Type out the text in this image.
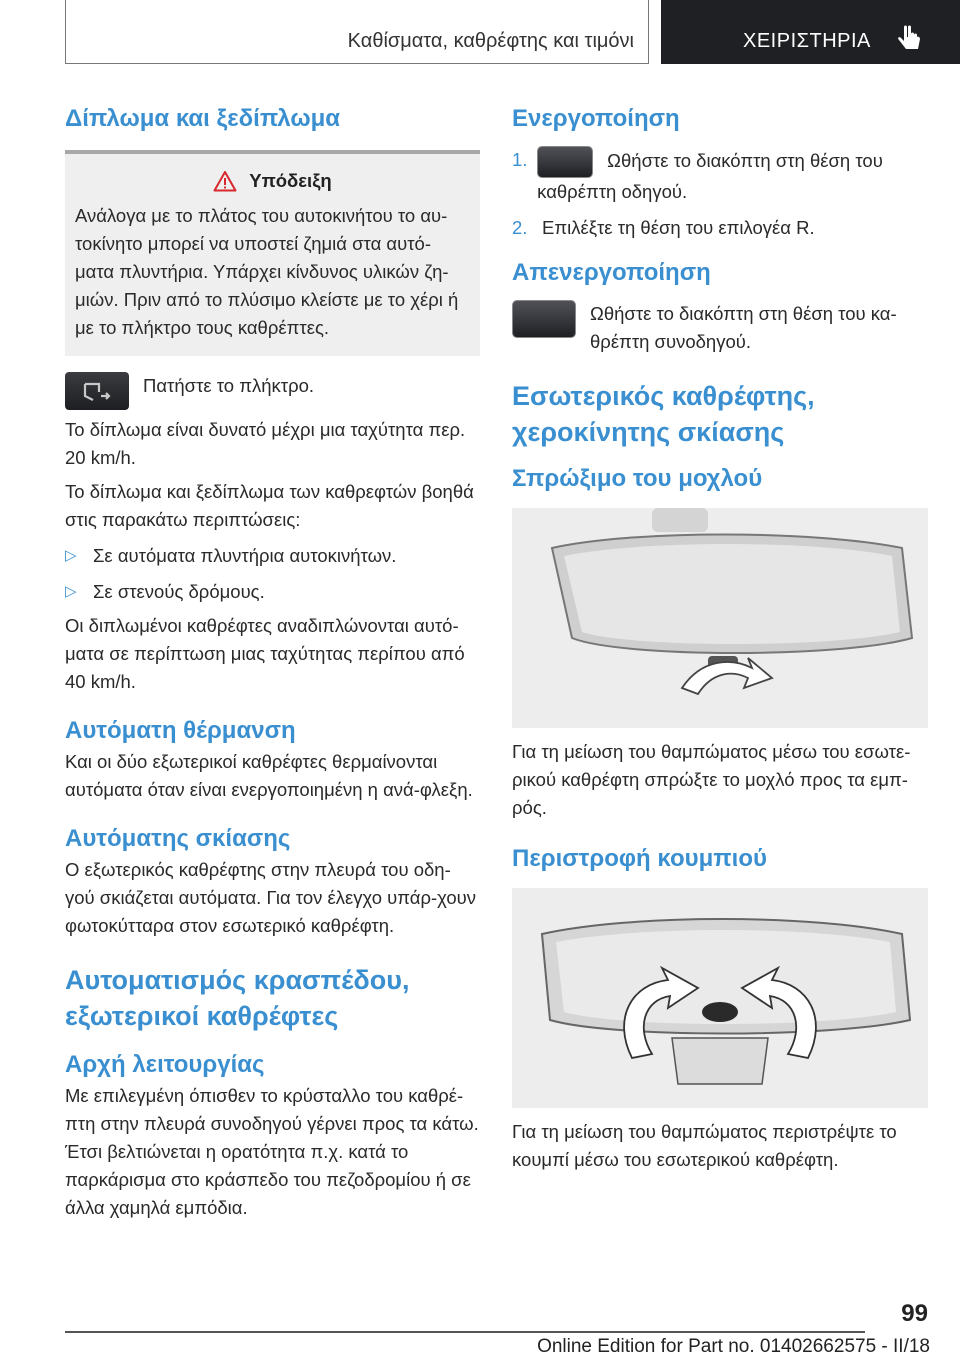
Καθίσματα, καθρέφτης και τιμόνι	ΧΕΙΡΙΣΤΗΡΙΑ
Δίπλωμα και ξεδίπλωμα
Υπόδειξη
Ανάλογα με το πλάτος του αυτοκινήτου το αυ-τοκίνητο μπορεί να υποστεί ζημιά στα αυτό-ματα πλυντήρια. Υπάρχει κίνδυνος υλικών ζη-μιών. Πριν από το πλύσιμο κλείστε με το χέρι ή με το πλήκτρο τους καθρέπτες.
Πατήστε το πλήκτρο.
Το δίπλωμα είναι δυνατό μέχρι μια ταχύτητα περ. 20 km/h.
Το δίπλωμα και ξεδίπλωμα των καθρεφτών βοηθά στις παρακάτω περιπτώσεις:
▷ Σε αυτόματα πλυντήρια αυτοκινήτων.
▷ Σε στενούς δρόμους.
Οι διπλωμένοι καθρέφτες αναδιπλώνονται αυτό-ματα σε περίπτωση μιας ταχύτητας περίπου από 40 km/h.
Αυτόματη θέρμανση
Και οι δύο εξωτερικοί καθρέφτες θερμαίνονται αυτόματα όταν είναι ενεργοποιημένη η ανά-φλεξη.
Αυτόματης σκίασης
Ο εξωτερικός καθρέφτης στην πλευρά του οδη-γού σκιάζεται αυτόματα. Για τον έλεγχο υπάρ-χουν φωτοκύτταρα στον εσωτερικό καθρέφτη.
Αυτοματισμός κρασπέδου, εξωτερικοί καθρέφτες
Αρχή λειτουργίας
Με επιλεγμένη όπισθεν το κρύσταλλο του καθρέ-πτη στην πλευρά συνοδηγού γέρνει προς τα κάτω. Έτσι βελτιώνεται η ορατότητα π.χ. κατά το παρκάρισμα στο κράσπεδο του πεζοδρομίου ή σε άλλα χαμηλά εμπόδια.
Ενεργοποίηση
1.	Ωθήστε το διακόπτη στη θέση του καθρέπτη οδηγού.
2. Επιλέξτε τη θέση του επιλογέα R.
Απενεργοποίηση
Ωθήστε το διακόπτη στη θέση του κα-θρέπτη συνοδηγού.
Εσωτερικός καθρέφτης, χεροκίνητης σκίασης
Σπρώξιμο του μοχλού
Για τη μείωση του θαμπώματος μέσω του εσωτε-ρικού καθρέφτη σπρώξτε το μοχλό προς τα εμπ-ρός.
Περιστροφή κουμπιού
Για τη μείωση του θαμπώματος περιστρέψτε το κουμπί μέσω του εσωτερικού καθρέφτη.
99
Online Edition for Part no. 01402662575 - II/18
